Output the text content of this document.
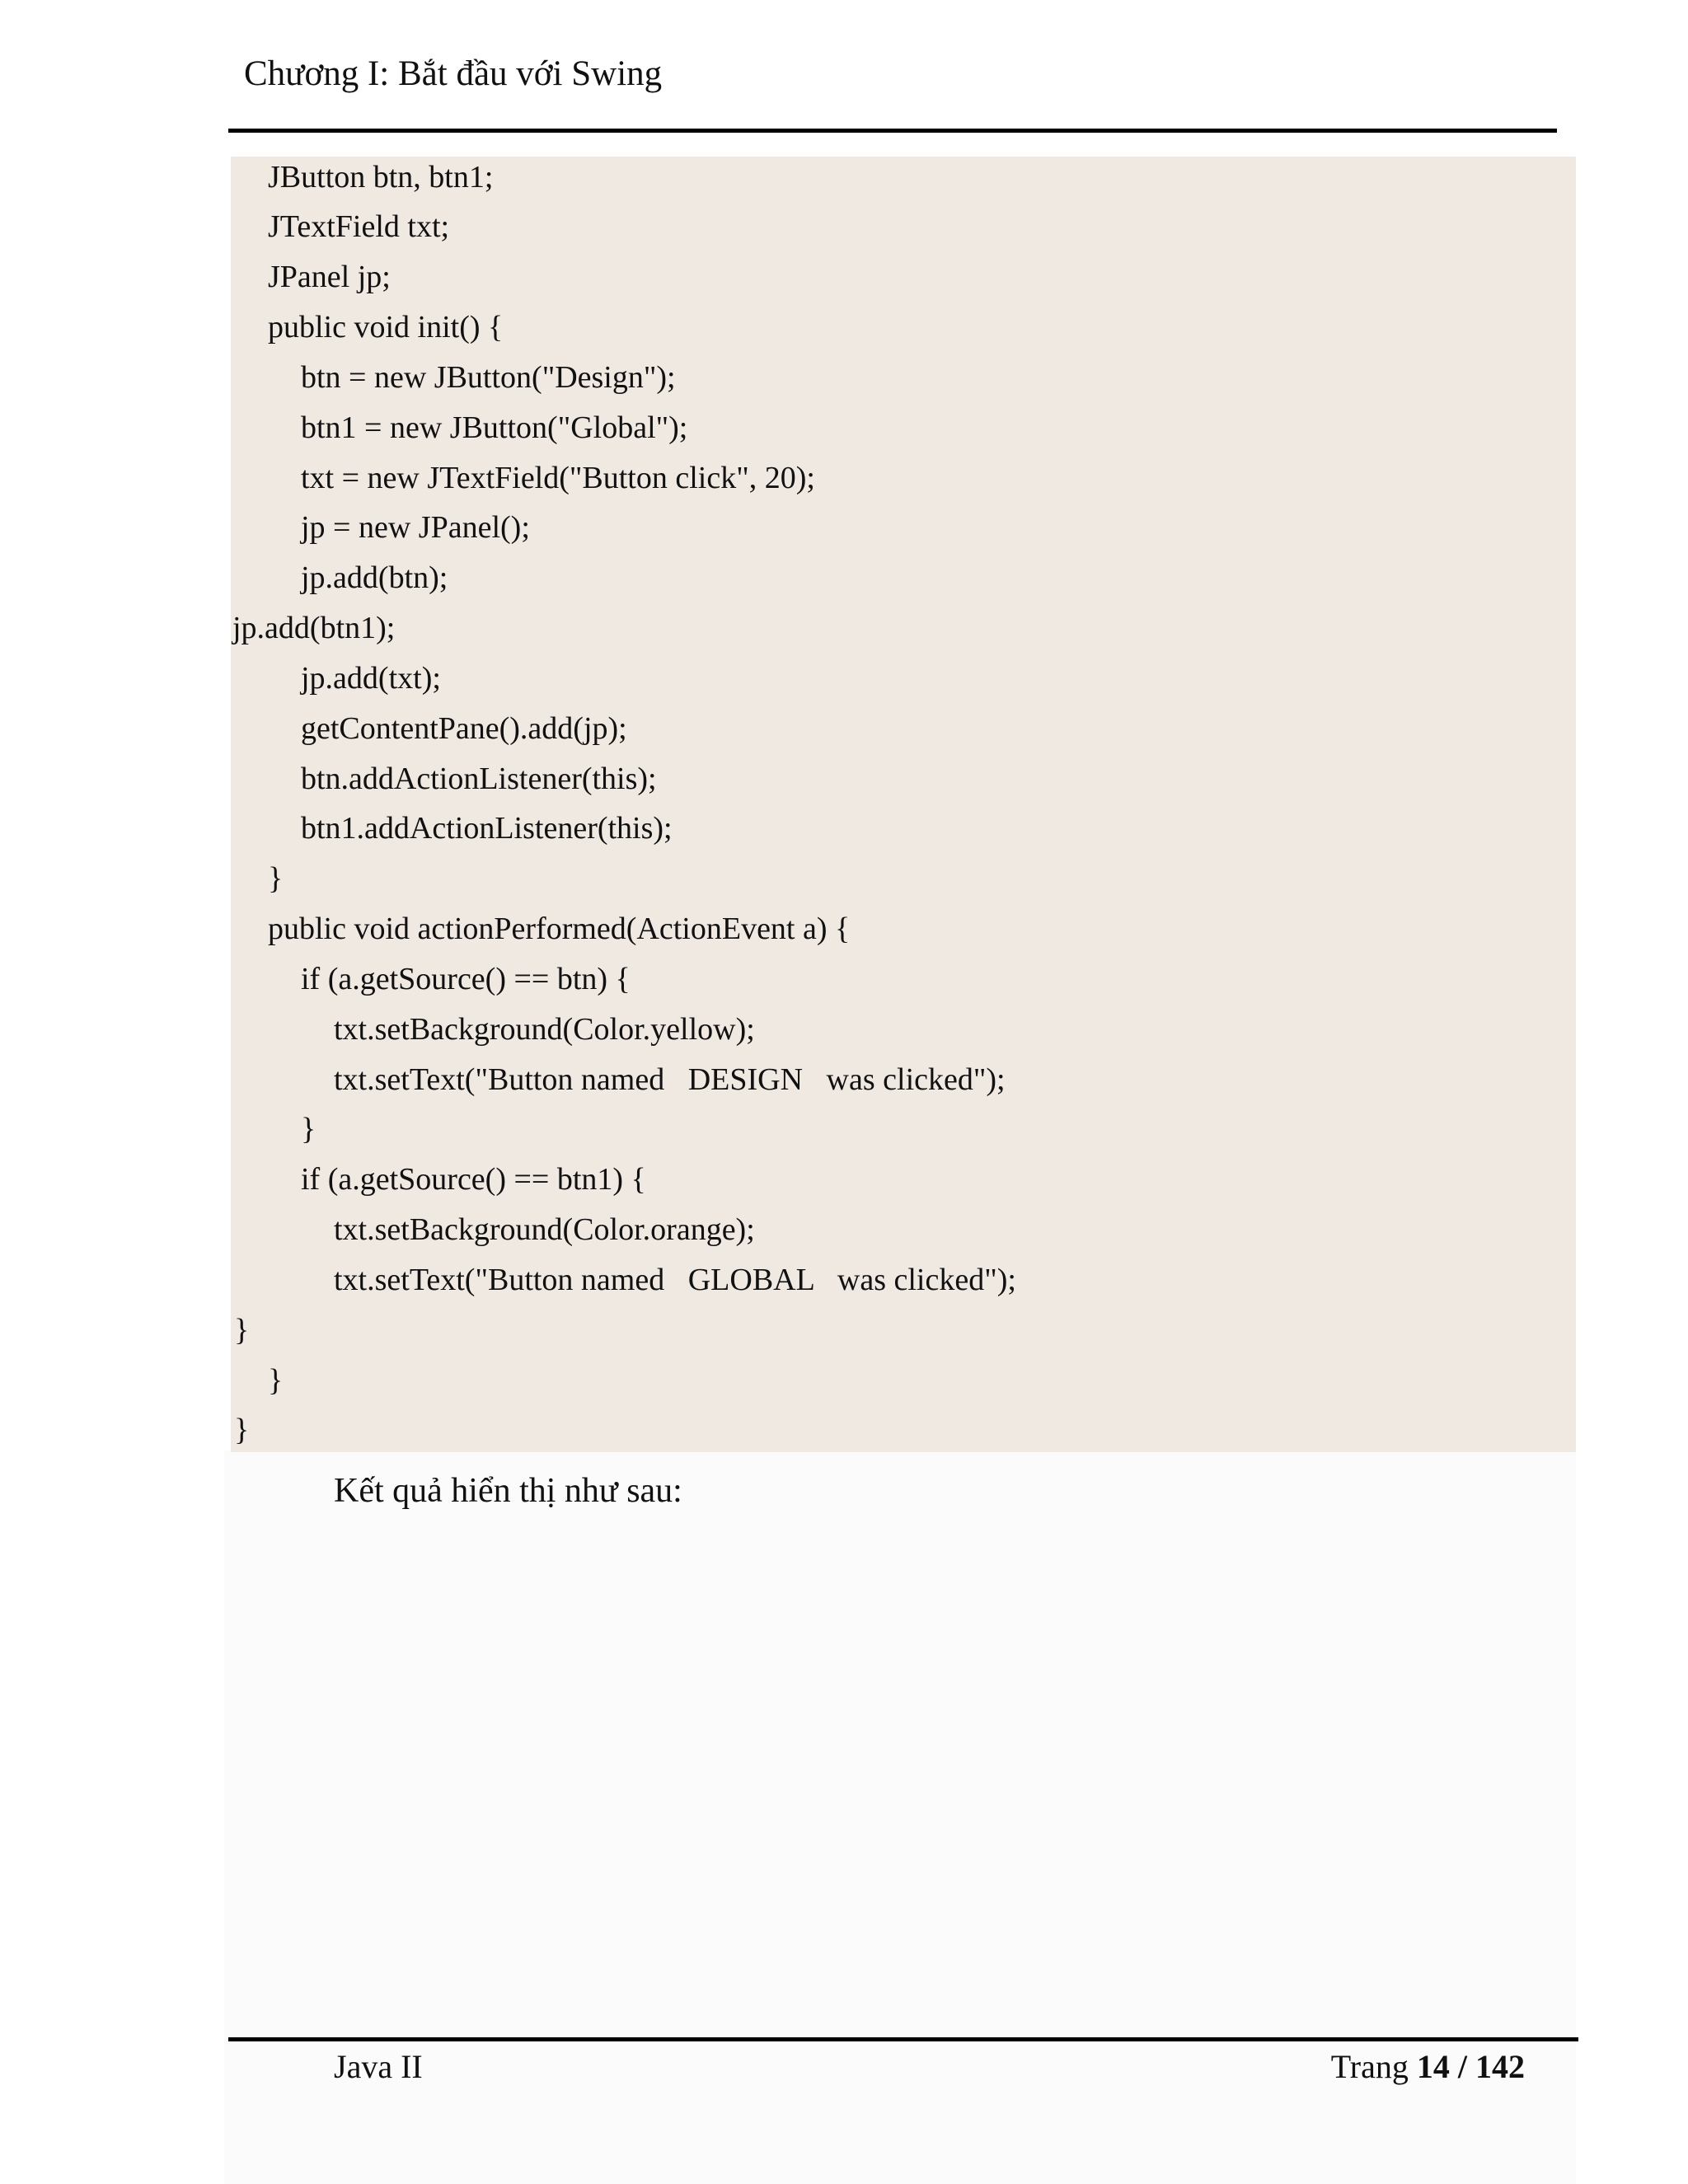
Chương I: Bắt đầu với Swing
JButton btn, btn1;
JTextField txt;
JPanel jp;
public void init() {
btn = new JButton("Design");
btn1 = new JButton("Global");
txt = new JTextField("Button click", 20);
jp = new JPanel();
jp.add(btn);
jp.add(btn1);
jp.add(txt);
getContentPane().add(jp);
btn.addActionListener(this);
btn1.addActionListener(this);
}
public void actionPerformed(ActionEvent a) {
if (a.getSource() == btn) {
txt.setBackground(Color.yellow);
txt.setText("Button named   DESIGN   was clicked");
}
if (a.getSource() == btn1) {
txt.setBackground(Color.orange);
txt.setText("Button named   GLOBAL   was clicked");
}
}
}
Kết quả hiển thị như sau:
Java II	Trang 14 / 142
